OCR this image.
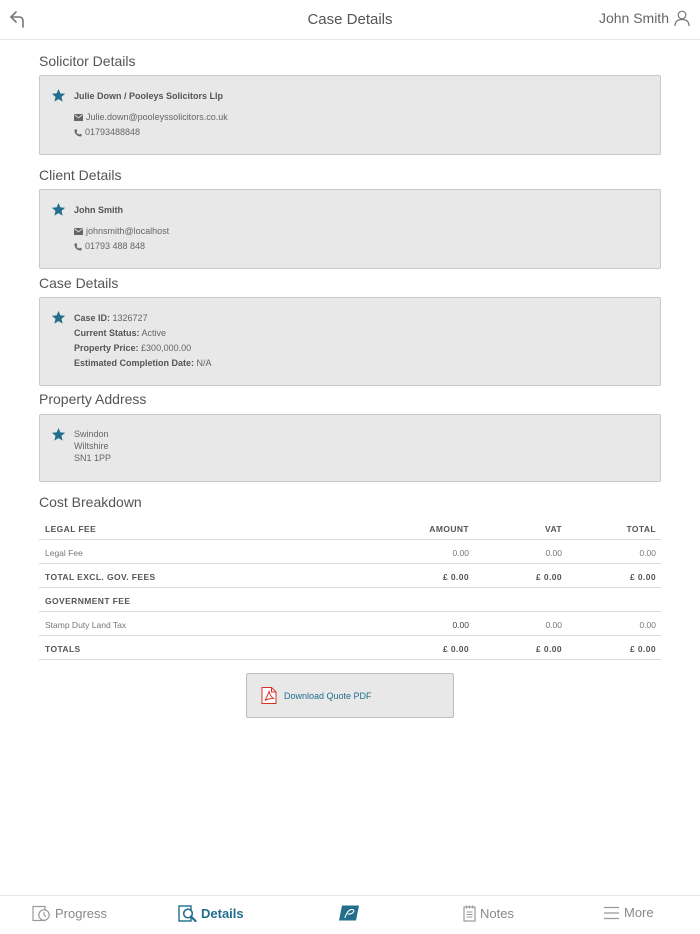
Case Details	John Smith
Solicitor Details
Julie Down / Pooleys Solicitors Llp
Julie.down@pooleyssolicitors.co.uk
01793488848
Client Details
John Smith
johnsmith@localhost
01793 488 848
Case Details
Case ID: 1326727
Current Status: Active
Property Price: £300,000.00
Estimated Completion Date: N/A
Property Address
Swindon
Wiltshire
SN1 1PP
Cost Breakdown
LEGAL FEE	AMOUNT	VAT	TOTAL
Legal Fee	0.00	0.00	0.00
TOTAL EXCL. GOV. FEES	£ 0.00	£ 0.00	£ 0.00
GOVERNMENT FEE
Stamp Duty Land Tax	0.00	0.00	0.00
TOTALS	£ 0.00	£ 0.00	£ 0.00
Download Quote PDF
Progress	Details	Notes	More
